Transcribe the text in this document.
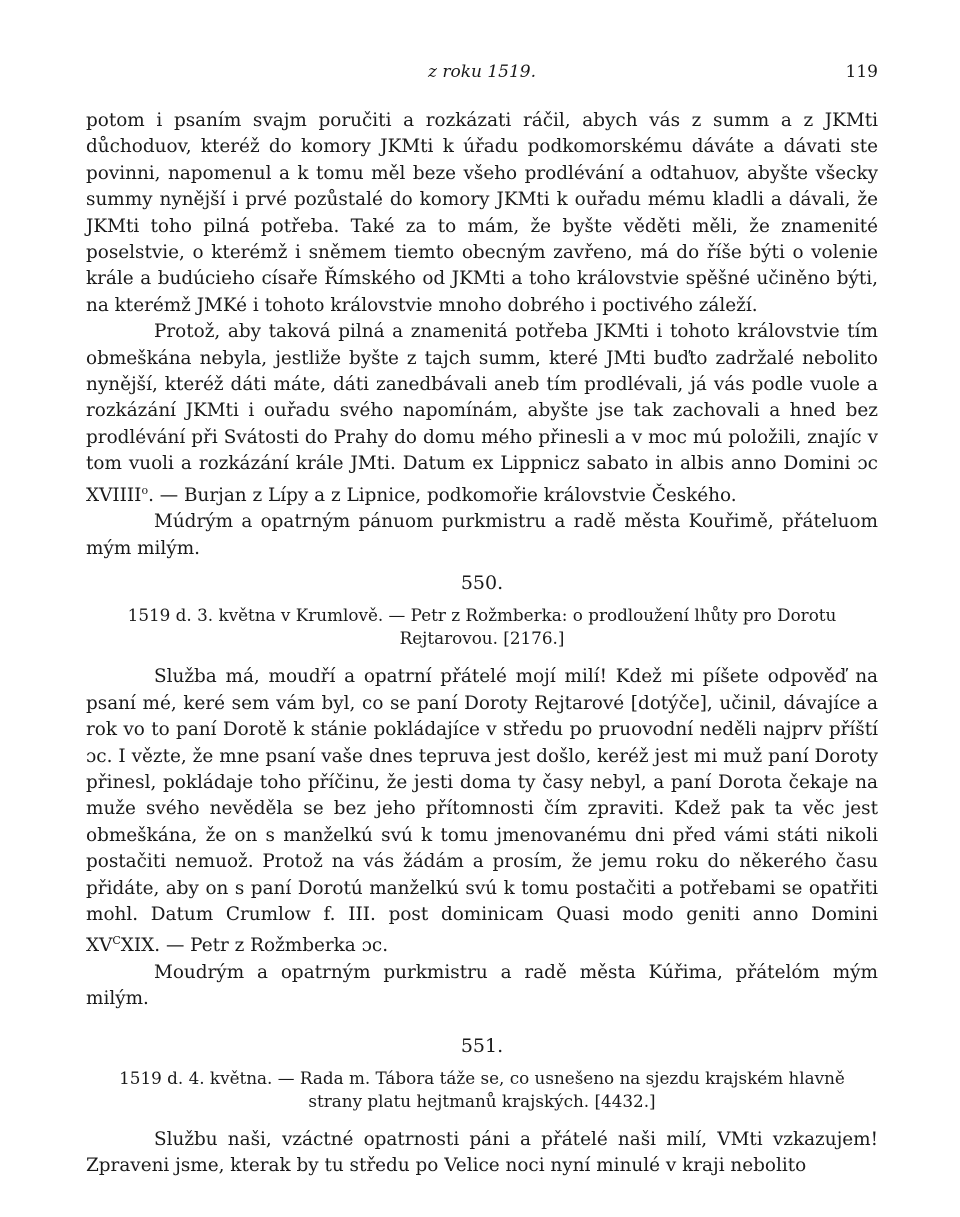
z roku 1519.	119

potom i psaním svajm poručiti a rozkázati ráčil, abych vás z summ a z JKMti důchoduov, kteréž do komory JKMti k úřadu podkomorskému dáváte a dávati ste povinni, napomenul a k tomu měl beze všeho prodlévání a odtahuov, abyšte všecky summy nynější i prvé pozůstalé do komory JKMti k ouřadu mému kladli a dávali, že JKMti toho pilná potřeba. Také za to mám, že byšte věděti měli, že znamenité poselstvie, o kterémž i sněmem tiemto obecným zavřeno, má do říše býti o volenie krále a budúcieho císaře Římského od JKMti a toho královstvie spěšné učiněno býti, na kterémž JMKé i tohoto královstvie mnoho dobrého i poctivého záleží.

Protož, aby taková pilná a znamenitá potřeba JKMti i tohoto královstvie tím obmeškána nebyla, jestliže byšte z tajch summ, které JMti buďto zadržalé nebolito nynější, kteréž dáti máte, dáti zanedbávali aneb tím prodlévali, já vás podle vuole a rozkázání JKMti i ouřadu svého napomínám, abyšte jse tak zachovali a hned bez prodlévání při Svátosti do Prahy do domu mého přinesli a v moc mú položili, znajíc v tom vuoli a rozkázání krále JMti. Datum ex Lippnicz sabato in albis anno Domini ɔc XVIIII$^o$. — Burjan z Lípy a z Lipnice, podkomořie královstvie Českého.

Múdrým a opatrným pánuom purkmistru a radě města Kouřimě, přáteluom mým milým.

550.

1519 d. 3. května v Krumlově. — Petr z Rožmberka: o prodloužení lhůty pro Dorotu Rejtarovou. [2176.]

Služba má, moudří a opatrní přátelé mojí milí! Kdež mi píšete odpověď na psaní mé, keré sem vám byl, co se paní Doroty Rejtarové [dotýče], učinil, dávajíce a rok vo to paní Dorotě k stánie pokládajíce v středu po pruovodní neděli najprv příští ɔc. I vězte, že mne psaní vaše dnes tepruva jest došlo, keréž jest mi muž paní Doroty přinesl, pokládaje toho příčinu, že jesti doma ty časy nebyl, a paní Dorota čekaje na muže svého nevěděla se bez jeho přítomnosti čím zpraviti. Kdež pak ta věc jest obmeškána, že on s manželkú svú k tomu jmenovanému dni před vámi státi nikoli postačiti nemuož. Protož na vás žádám a prosím, že jemu roku do někerého času přidáte, aby on s paní Dorotú manželkú svú k tomu postačiti a potřebami se opatřiti mohl. Datum Crumlow f. III. post dominicam Quasi modo geniti anno Domini $XV^CXIX$. — Petr z Rožmberka ɔc.

Moudrým a opatrným purkmistru a radě města Kúřima, přátelóm mým milým.

551.

1519 d. 4. května. — Rada m. Tábora táže se, co usnešeno na sjezdu krajském hlavně strany platu hejtmanů krajských. [4432.]

Službu naši, vzáctné opatrnosti páni a přátelé naši milí, VMti vzkazujem! Zpraveni jsme, kterak by tu středu po Velice noci nyní minulé v kraji nebolito
